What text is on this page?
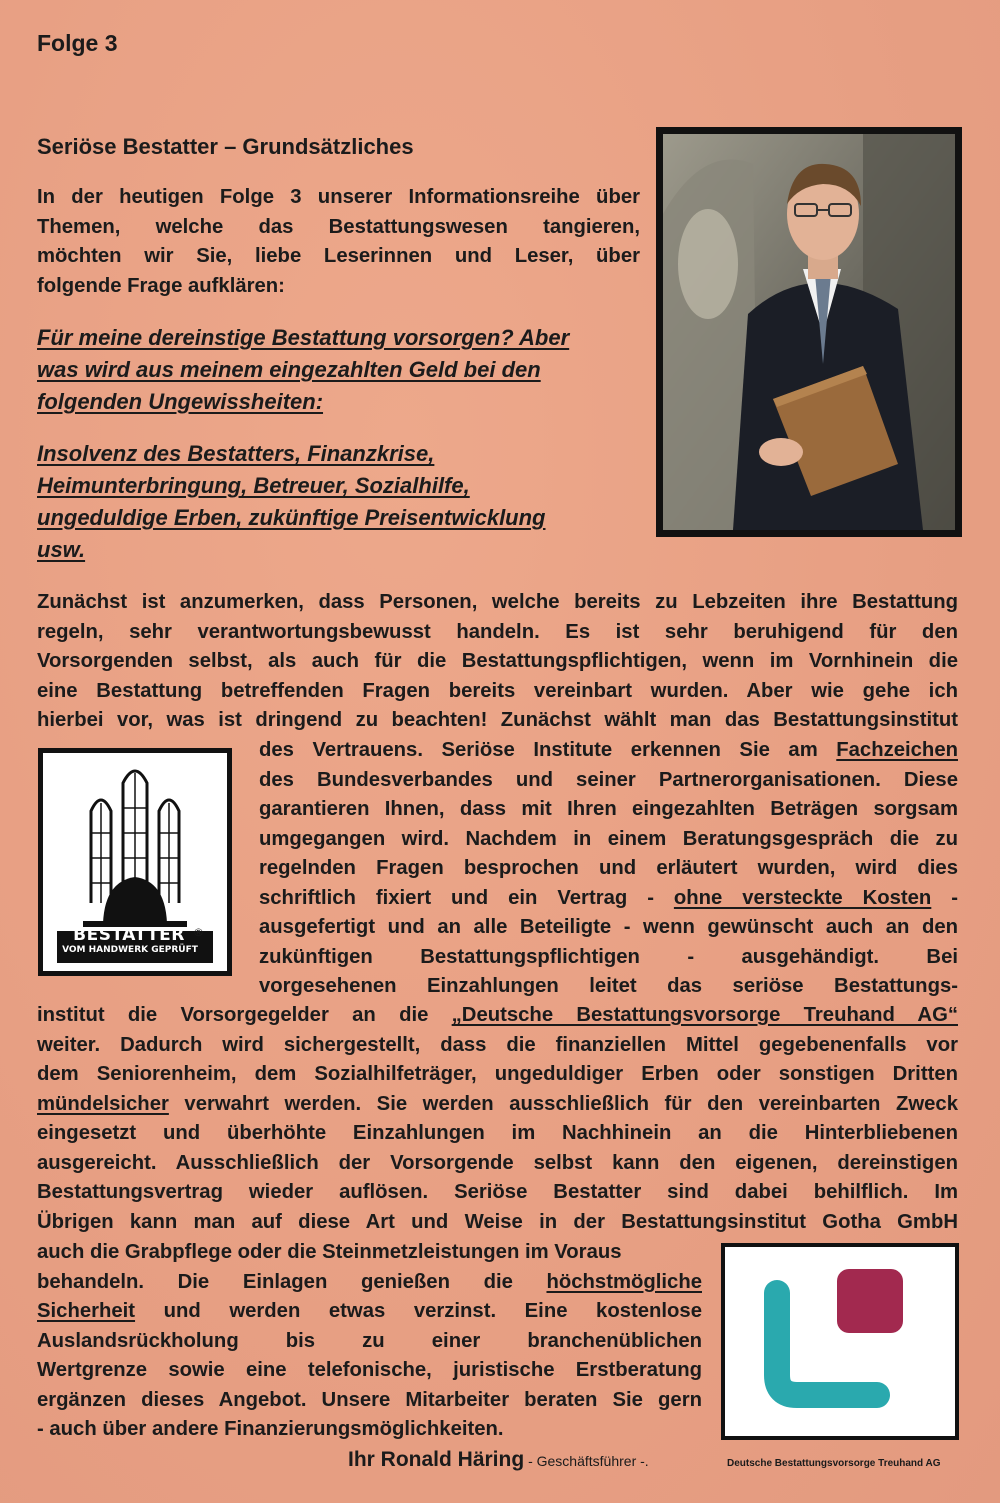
Folge 3
Seriöse Bestatter – Grundsätzliches
In der heutigen Folge 3 unserer Informationsreihe über
Themen, welche das Bestattungswesen tangieren,
möchten wir Sie, liebe Leserinnen und Leser, über
folgende Frage aufklären:
Für meine dereinstige Bestattung vorsorgen? Aber
was wird aus meinem eingezahlten Geld bei den
folgenden Ungewissheiten:
Insolvenz des Bestatters, Finanzkrise,
Heimunterbringung, Betreuer, Sozialhilfe,
ungeduldige Erben, zukünftige Preisentwicklung
usw.
Zunächst ist anzumerken, dass Personen, welche bereits zu Lebzeiten ihre Bestattung
regeln, sehr verantwortungsbewusst handeln. Es ist sehr beruhigend für den
Vorsorgenden selbst, als auch für die Bestattungspflichtigen, wenn im Vornhinein die
eine Bestattung betreffenden Fragen bereits vereinbart wurden. Aber wie gehe ich
hierbei vor, was ist dringend zu beachten! Zunächst wählt man das Bestattungsinstitut
BESTATTER ®
VOM HANDWERK GEPRÜFT
des Vertrauens. Seriöse Institute erkennen Sie am Fachzeichen
des Bundesverbandes und seiner Partnerorganisationen. Diese
garantieren Ihnen, dass mit Ihren eingezahlten Beträgen sorgsam
umgegangen wird. Nachdem in einem Beratungsgespräch die zu
regelnden Fragen besprochen und erläutert wurden, wird dies
schriftlich fixiert und ein Vertrag - ohne versteckte Kosten -
ausgefertigt und an alle Beteiligte - wenn gewünscht auch an den
zukünftigen Bestattungspflichtigen - ausgehändigt. Bei
vorgesehenen Einzahlungen leitet das seriöse Bestattungs-
institut die Vorsorgegelder an die „Deutsche Bestattungsvorsorge Treuhand AG“
weiter. Dadurch wird sichergestellt, dass die finanziellen Mittel gegebenenfalls vor
dem Seniorenheim, dem Sozialhilfeträger, ungeduldiger Erben oder sonstigen Dritten
mündelsicher verwahrt werden. Sie werden ausschließlich für den vereinbarten Zweck
eingesetzt und überhöhte Einzahlungen im Nachhinein an die Hinterbliebenen
ausgereicht. Ausschließlich der Vorsorgende selbst kann den eigenen, dereinstigen
Bestattungsvertrag wieder auflösen. Seriöse Bestatter sind dabei behilflich. Im
Übrigen kann man auf diese Art und Weise in der Bestattungsinstitut Gotha GmbH
auch die Grabpflege oder die Steinmetzleistungen im Voraus
behandeln. Die Einlagen genießen die höchstmögliche
Sicherheit und werden etwas verzinst. Eine kostenlose
Auslandsrückholung bis zu einer branchenüblichen
Wertgrenze sowie eine telefonische, juristische Erstberatung
ergänzen dieses Angebot. Unsere Mitarbeiter beraten Sie gern
- auch über andere Finanzierungsmöglichkeiten.
Deutsche Bestattungsvorsorge Treuhand AG
Ihr Ronald Häring - Geschäftsführer -.
